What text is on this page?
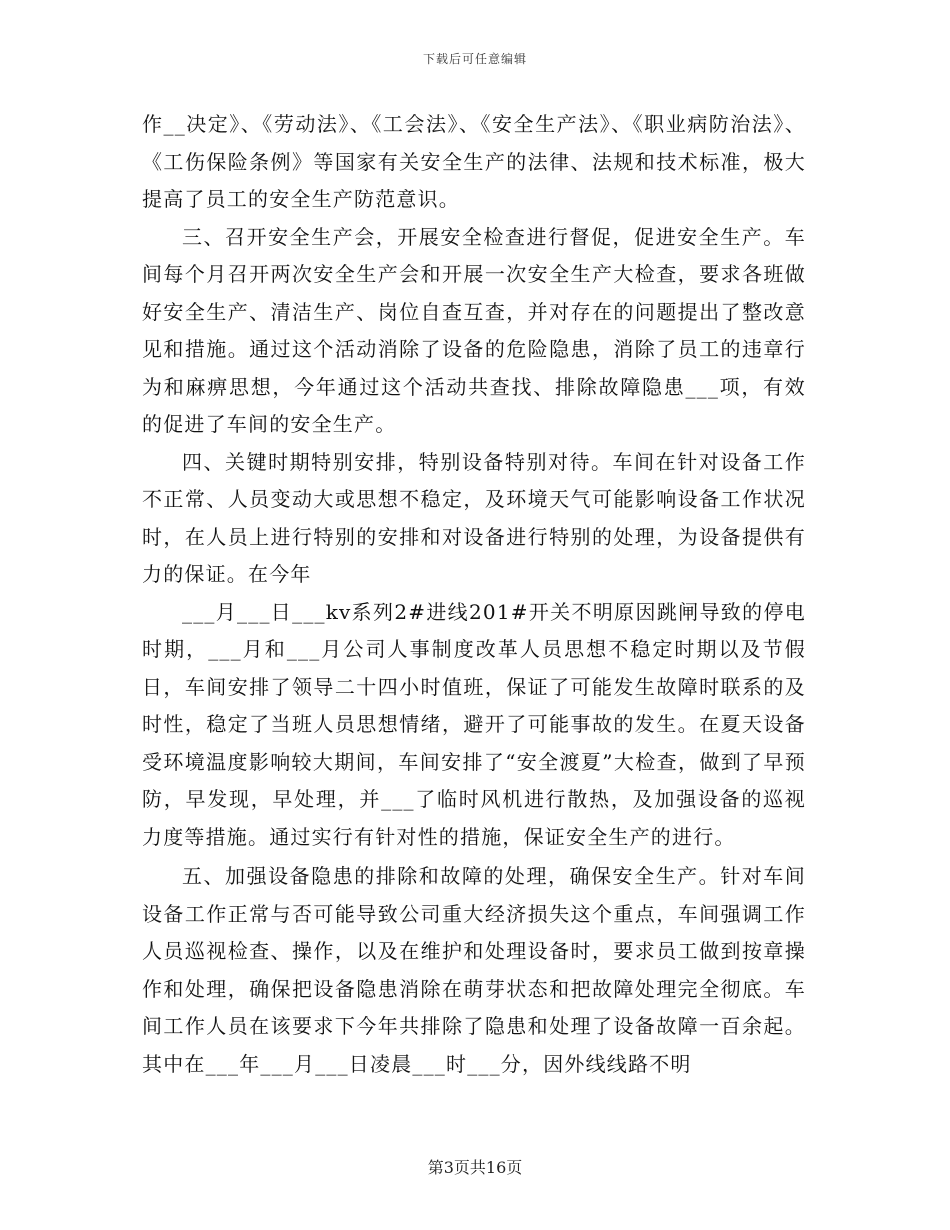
下载后可任意编辑

作__决定》、《劳动法》、《工会法》、《安全生产法》、《职业病防治法》、《工伤保险条例》等国家有关安全生产的法律、法规和技术标准，极大提高了员工的安全生产防范意识。

三、召开安全生产会，开展安全检查进行督促，促进安全生产。车间每个月召开两次安全生产会和开展一次安全生产大检查，要求各班做好安全生产、清洁生产、岗位自查互查，并对存在的问题提出了整改意见和措施。通过这个活动消除了设备的危险隐患，消除了员工的违章行为和麻痹思想，今年通过这个活动共查找、排除故障隐患___项，有效的促进了车间的安全生产。

四、关键时期特别安排，特别设备特别对待。车间在针对设备工作不正常、人员变动大或思想不稳定，及环境天气可能影响设备工作状况时，在人员上进行特别的安排和对设备进行特别的处理，为设备提供有力的保证。在今年

___月___日___kv系列2#进线201#开关不明原因跳闸导致的停电时期，___月和___月公司人事制度改革人员思想不稳定时期以及节假日，车间安排了领导二十四小时值班，保证了可能发生故障时联系的及时性，稳定了当班人员思想情绪，避开了可能事故的发生。在夏天设备受环境温度影响较大期间，车间安排了“安全渡夏”大检查，做到了早预防，早发现，早处理，并___了临时风机进行散热，及加强设备的巡视力度等措施。通过实行有针对性的措施，保证安全生产的进行。

五、加强设备隐患的排除和故障的处理，确保安全生产。针对车间设备工作正常与否可能导致公司重大经济损失这个重点，车间强调工作人员巡视检查、操作，以及在维护和处理设备时，要求员工做到按章操作和处理，确保把设备隐患消除在萌芽状态和把故障处理完全彻底。车间工作人员在该要求下今年共排除了隐患和处理了设备故障一百余起。其中在___年___月___日凌晨___时___分，因外线线路不明

第3页共16页
